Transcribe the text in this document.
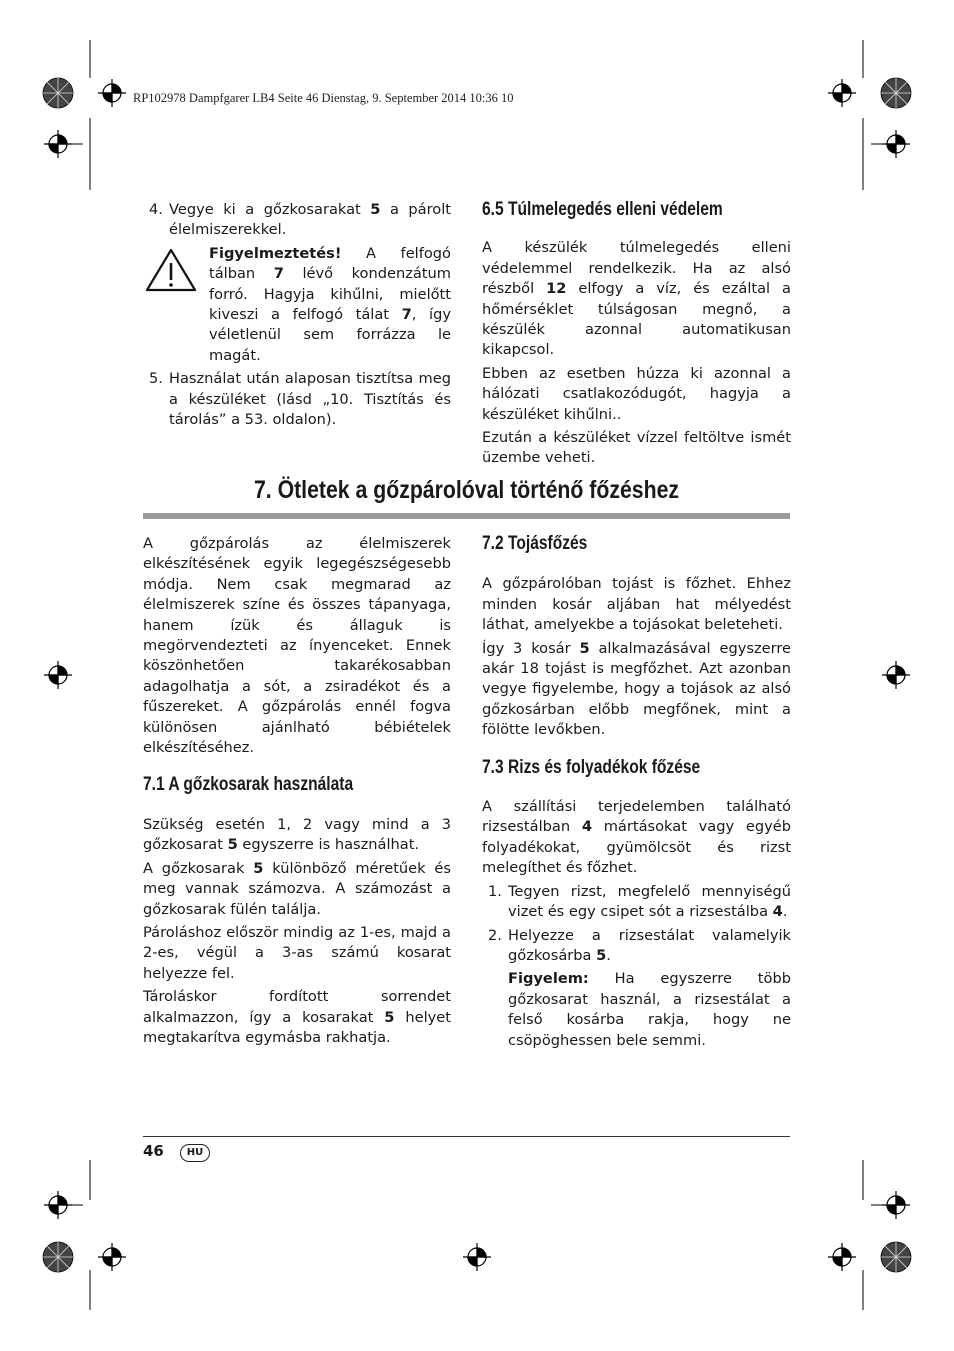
RP102978 Dampfgarer LB4 Seite 46 Dienstag, 9. September 2014 10:36 10
4. Vegye ki a gőzkosarakat 5 a párolt élelmiszerekkel.
Figyelmeztetés! A felfogó tálban 7 lévő kondenzátum forró. Hagyja kihűlni, mielőtt kiveszi a felfogó tálat 7, így véletlenül sem forrázza le magát.
5. Használat után alaposan tisztítsa meg a készüléket (lásd „10. Tisztítás és tárolás” a 53. oldalon).
6.5 Túlmelegedés elleni védelem

A készülék túlmelegedés elleni védelemmel rendelkezik. Ha az alsó részből 12 elfogy a víz, és ezáltal a hőmérséklet túlságosan megnő, a készülék azonnal automatikusan kikapcsol.

Ebben az esetben húzza ki azonnal a hálózati csatlakozódugót, hagyja a készüléket kihűlni..

Ezután a készüléket vízzel feltöltve ismét üzembe veheti.

7. Ötletek a gőzpárolóval történő főzéshez

A gőzpárolás az élelmiszerek elkészítésének egyik legegészségesebb módja. Nem csak megmarad az élelmiszerek színe és összes tápanyaga, hanem ízük és állaguk is megörvendezteti az ínyenceket. Ennek köszönhetően takarékosabban adagolhatja a sót, a zsiradékot és a fűszereket. A gőzpárolás ennél fogva különösen ajánlható bébiételek elkészítéséhez.

7.1 A gőzkosarak használata

Szükség esetén 1, 2 vagy mind a 3 gőzkosarat 5 egyszerre is használhat.

A gőzkosarak 5 különböző méretűek és meg vannak számozva. A számozást a gőzkosarak fülén találja.

Pároláshoz először mindig az 1-es, majd a 2-es, végül a 3-as számú kosarat helyezze fel.

Tároláskor fordított sorrendet alkalmazzon, így a kosarakat 5 helyet megtakarítva egymásba rakhatja.

7.2 Tojásfőzés

A gőzpárolóban tojást is főzhet. Ehhez minden kosár aljában hat mélyedést láthat, amelyekbe a tojásokat beleteheti.

Így 3 kosár 5 alkalmazásával egyszerre akár 18 tojást is megfőzhet. Azt azonban vegye figyelembe, hogy a tojások az alsó gőzkosárban előbb megfőnek, mint a fölötte levőkben.

7.3 Rizs és folyadékok főzése

A szállítási terjedelemben található rizsestálban 4 mártásokat vagy egyéb folyadékokat, gyümölcsöt és rizst melegíthet és főzhet.

1. Tegyen rizst, megfelelő mennyiségű vizet és egy csipet sót a rizsestálba 4.
2. Helyezze a rizsestálat valamelyik gőzkosárba 5.

Figyelem: Ha egyszerre több gőzkosarat használ, a rizsestálat a felső kosárba rakja, hogy ne csöpöghessen bele semmi.

46	HU
